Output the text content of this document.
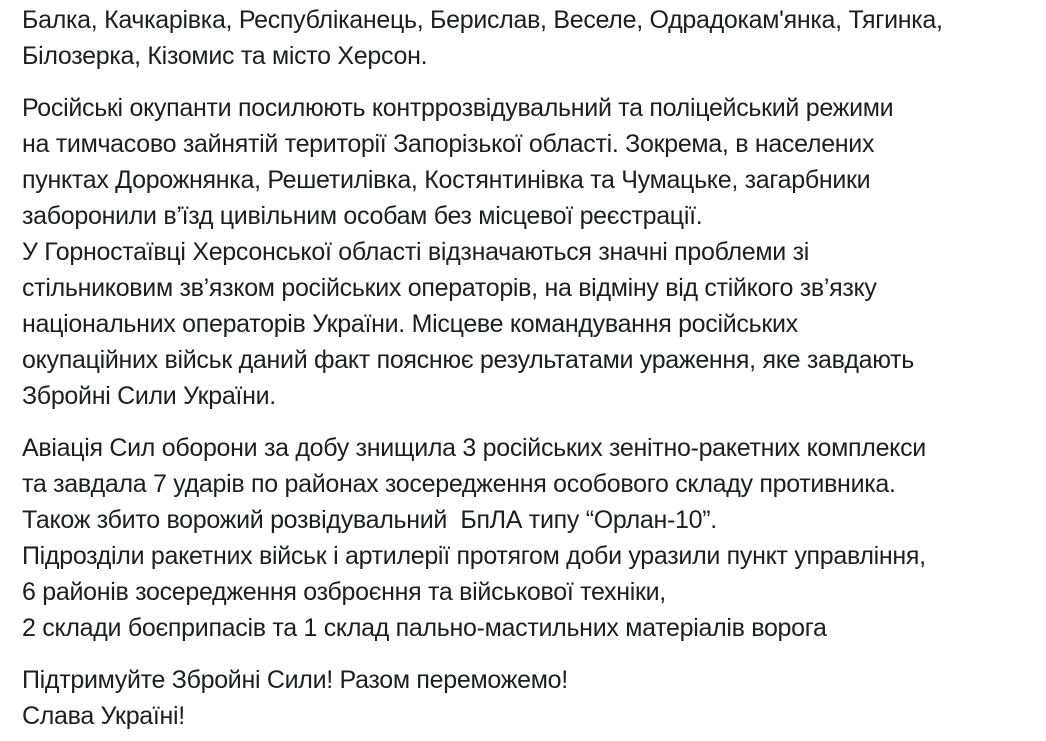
Балка, Качкарівка, Республіканець, Берислав, Веселе, Одрадокам'янка, Тягинка,
Білозерка, Кізомис та місто Херсон.
Російські окупанти посилюють контррозвідувальний та поліцейський режими
на тимчасово зайнятій території Запорізької області. Зокрема, в населених
пунктах Дорожнянка, Решетилівка, Костянтинівка та Чумацьке, загарбники
заборонили в’їзд цивільним особам без місцевої реєстрації.
У Горностаївці Херсонської області відзначаються значні проблеми зі
стільниковим зв’язком російських операторів, на відміну від стійкого зв’язку
національних операторів України. Місцеве командування російських
окупаційних військ даний факт пояснює результатами ураження, яке завдають
Збройні Сили України.
Авіація Сил оборони за добу знищила 3 російських зенітно-ракетних комплекси
та завдала 7 ударів по районах зосередження особового складу противника.
Також збито ворожий розвідувальний  БпЛА типу “Орлан-10”.
Підрозділи ракетних військ і артилерії протягом доби уразили пункт управління,
6 районів зосередження озброєння та військової техніки,
2 склади боєприпасів та 1 склад пально-мастильних матеріалів ворога
Підтримуйте Збройні Сили! Разом переможемо!
Слава Україні!
